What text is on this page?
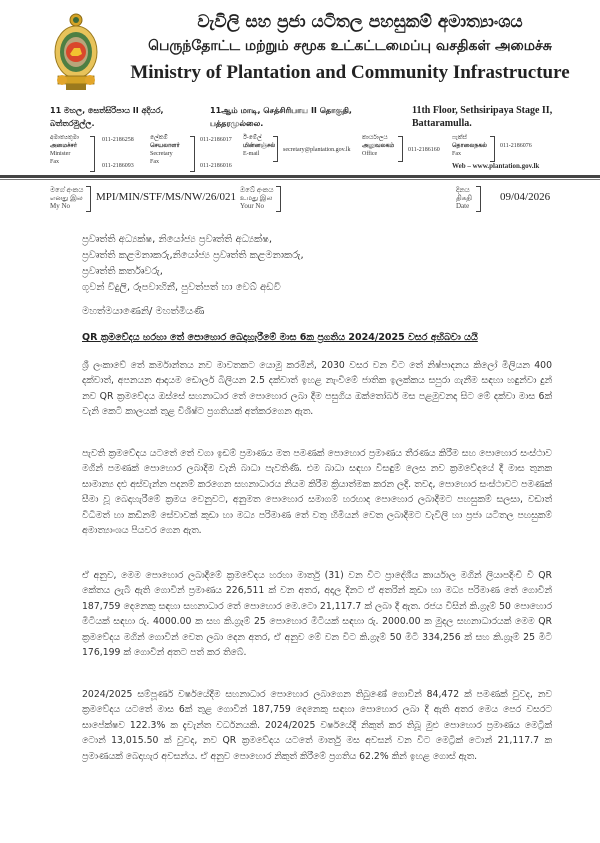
වැවිලි සහ ප්‍රජා යටිතල පහසුකම් අමාත්‍යාංශය
பெருந்தோட்ட மற்றும் சமூக உட்கட்டமைப்பு வசதிகள் அமைச்சு
Ministry of Plantation and Community Infrastructure
11 මහල, සෙත්සිරිපාය II අදියර,
බත්තරමුල්ල.
11ஆம் மாடி, செத்சிரிபாய II தொகுதி,
பத்தரமுல்லை.
11th Floor, Sethsiripaya Stage II,
Battaramulla.
අමාත්‍යතුමා
அமைச்சர்
Minister
Fax
011-2186258
011-2186093
ලේකම්
செயலாளர்
Secretary
Fax
011-2186017
011-2186016
ඊ-මේල්
மின்னஞ்சல்
E-mail
secretary@plantation.gov.lk
කාර්යාලය
அலுவலகம்
Office
011-2186160
ෆැක්ස්
தொலைநகல்
Fax
011-2186076
Web – www.plantation.gov.lk
මගේ අංකය
எனது இல
My No
MPI/MIN/STF/MS/NW/26/021
ඔබේ අංකය
உமது இல
Your No
දිනය
திகதி
Date
09/04/2026
ප්‍රවෘත්ති අධ්‍යක්ෂ, නියෝජ්‍ය ප්‍රවෘත්ති අධ්‍යක්ෂ,
ප්‍රවෘත්ති කළමනාකරු,නියෝජ්‍ය ප්‍රවෘත්ති කළමනාකරු,
ප්‍රවෘත්ති කර්තෘවරු,
ගුවන් විදුලි, රූපවාහිනී, පුවත්පත් හා වෙබ් අඩවි
මහත්මයාණෙනි/ මහත්මියණි
QR ක්‍රමවේදය හරහා තේ පොහොර බෙදාහැරීමේ මාස 6ක ප්‍රගතිය 2024/2025 වසර අභිබවා යයි
ශ්‍රී ලංකාවේ තේ කර්මාන්තය නව මාවතකට යොමු කරමින්, 2030 වසර වන විට තේ නිෂ්පාදනය කිලෝ මිලියන 400 දක්වාත්, අපනයන ආදායම ඩොලර් බිලියන 2.5 දක්වාත් ඉහළ නැංවීමේ ජාතික ඉලක්කය සපුරා ගැනීම සඳහා හඳුන්වා දුන් නව QR ක්‍රමවේදය ඔස්සේ සහනාධාර තේ පොහොර ලබා දීම පසුගිය ඔක්තෝබර් මස පළමුවනදා සිට මේ දක්වා මාස 6ක් වැනි කෙටි කාලයක් තුළ විශිෂ්ට ප්‍රගතියක් අත්කරගෙන ඇත.
පැවති ක්‍රමවේදය යටතේ තේ වගා ඉඩම් ප්‍රමාණය මත පමණක් පොහොර ප්‍රමාණය තීරණය කිරීම සහ පොහොර සංස්ථාව මගින් පමණක් පොහොර ලබාදීම වැනි බාධා පැවතිණි. එම බාධා සඳහා විසඳුම් ලෙස නව ක්‍රමවේදයේ දී මාස තුනක සාමාන්‍ය දළු අස්වැන්න පදනම් කරගෙන සහනාධාරය නියම කිරීම ක්‍රියාත්මක කරන ලදි. තවද, පොහොර සංස්ථාවට පමණක් සීමා වූ බෙදාහැරීමේ ක්‍රමය වෙනුවට, අනුමත පොහොර සමාගම් හරහාද පොහොර ලබාදීමට පහසුකම් සලසා, වඩාත් විධිමත් හා කඩිනම් සේවාවක් කුඩා හා මධ්‍ය පරිමාණ තේ වතු හිමියන් වෙත ලබාදීමට වැවිලි හා ප්‍රජා යටිතල පහසුකම් අමාත්‍යාංශය පියවර ගෙන ඇත.
ඒ අනුව, මෙම පොහොර ලබාදීමේ ක්‍රමවේදය හරහා මාර්තු (31) වන විට ප්‍රාදේශීය කාර්යාල මගින් ලියාපදිංචි වී QR කේතය ලැබී ඇති ගොවීන් ප්‍රමාණය 226,511 ක් වන අතර, අදාල දිනට ඒ අතරින් කුඩා හා මධ්‍ය පරිමාණ තේ ගොවීන් 187,759 දෙනෙකු සඳහා සහනාධාර තේ පොහොර මෙ.ටො 21,117.7 ක් ලබා දී ඇත. රජය විසින් කි.ග්‍රෑම් 50 පොහොර මිටියක් සඳහා රු. 4000.00 ක සහ කි.ග්‍රෑම් 25 පොහොර මිටියක් සඳහා රු. 2000.00 ක මුදල සහනාධාරයක් මෙම QR ක්‍රමවේදය මගින් ගොවීන් වෙත ලබා දෙන අතර, ඒ අනුව මේ වන විට කි.ග්‍රෑම් 50 මිටි 334,256 ක් සහ කි.ග්‍රෑම් 25 මිටි 176,199 ක් ගොවීන් අතට පත් කර තිබේ.
2024/2025 සම්පූර්ණ වර්ෂයේදීම සහනාධාර පොහොර ලබාගෙන තිබුණේ ගොවීන් 84,472 ක් පමණක් වුවද, නව ක්‍රමවේදය යටතේ මාස 6ක් තුළ ගොවීන් 187,759 දෙනෙකු සඳහා පොහොර ලබා දී ඇති අතර මෙය පෙර වසරට සාපේක්ෂව 122.3% ක දැවැන්ත වර්ධනයකි. 2024/2025 වර්ෂයේදී නිකුත් කර තිබූ මුළු පොහොර ප්‍රමාණය මෙට්‍රික් ටොන් 13,015.50 ක් වුවද, නව QR ක්‍රමවේදය යටතේ මාර්තු මස අවසන් වන විට මෙට්‍රික් ටොන් 21,117.7 ක ප්‍රමාණයක් බෙදාහැර අවසන්ය. ඒ අනුව පොහොර නිකුත් කිරීමේ ප්‍රගතිය 62.2% කින් ඉහළ ගොස් ඇත.
